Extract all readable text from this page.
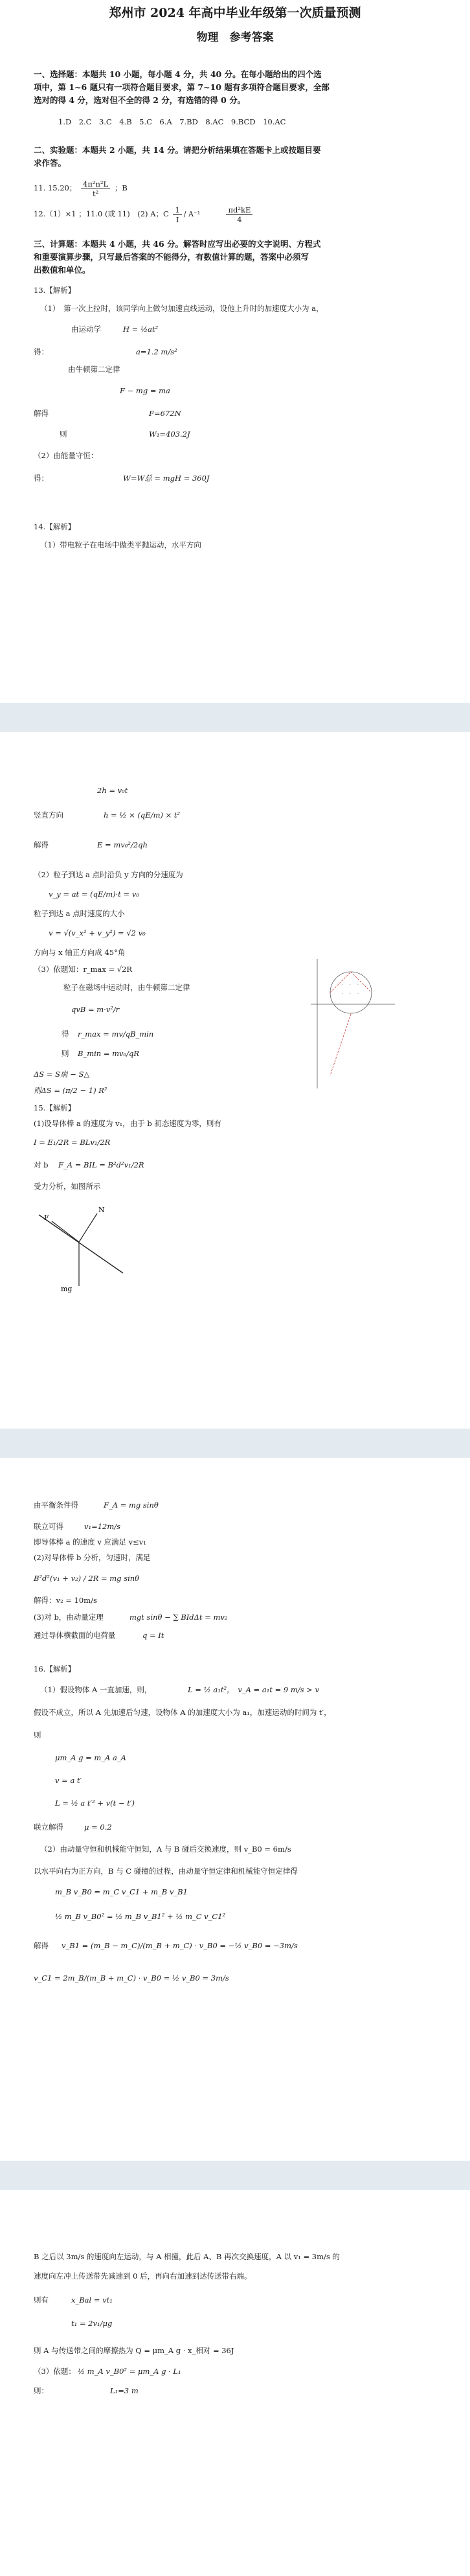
郑州市 2024 年高中毕业年级第一次质量预测
物理　参考答案
一、选择题：本题共 10 小题，每小题 4 分，共 40 分。在每小题给出的四个选
项中，第 1~6 题只有一项符合题目要求，第 7~10 题有多项符合题目要求，全部
选对的得 4 分，选对但不全的得 2 分，有选错的得 0 分。
1.D　2.C　3.C　4.B　5.C　6.A　7.BD　8.AC　9.BCD　10.AC
二、实验题：本题共 2 小题，共 14 分。请把分析结果填在答题卡上或按题目要
求作答。
11. 15.20； $\frac{\text{4π²n²L}}{\text{t²}}$ ；B
12.（1）×1 ；11.0 (或 11)　(2) A；C $\frac{1}{I} / A^{-1}$	$\frac{\text{πd²kE}}{4}$
三、计算题：本题共 4 小题，共 46 分。解答时应写出必要的文字说明、方程式
和重要演算步骤，只写最后答案的不能得分，有数值计算的题，答案中必须写
出数值和单位。
13.【解析】
（1）　第一次上拉时，该同学向上做匀加速直线运动，设他上升时的加速度大小为 a，
由运动学	H = ½at²
得：	a=1.2 m/s²
由牛顿第二定律
F − mg = ma
解得	F=672N
则	W₁=403.2J
（2）由能量守恒：
得：	W=W总 = mgH = 360J
14.【解析】
（1）带电粒子在电场中做类平抛运动，水平方向
2h = v₀t
竖直方向	h = ½ × (qE/m) × t²
解得	E = mv₀²/2qh
（2）粒子到达 a 点时沿负 y 方向的分速度为
v_y = at = (qE/m)·t = v₀
粒子到达 a 点时速度的大小
v = √(v_x² + v_y²) = √2 v₀
方向与 x 轴正方向成 45°角
（3）依题知：r_max = √2R
粒子在磁场中运动时，由牛顿第二定律
qvB = m·v²/r
得 r_max = mv/qB_min
则 B_min = mv₀/qR
ΔS = S扇 − S△
则ΔS = (π/2 − 1) R²
· · ·
· · ·
15.【解析】
(1)设导体棒 a 的速度为 v₁，由于 b 初态速度为零，则有
I = E₁/2R = BLv₁/2R
对 b F_A = BIL = B²d²v₁/2R
受力分析，如图所示
F
N
mg
由平衡条件得	F_A = mg sinθ
联立可得	v₁=12m/s
即导体棒 a 的速度 v 应满足 v≤v₁
(2)对导体棒 b 分析，匀速时，满足
B²d²(v₁ + v₂) / 2R = mg sinθ
解得：v₂ = 10m/s
(3)对 b，由动量定理	mgt sinθ − ∑ BIdΔt = mv₂
通过导体横截面的电荷量	q = It
16.【解析】
（1）假设物体 A 一直加速，则，	L = ½ a₁t²，　v_A = a₁t = 9 m/s > v
假设不成立，所以 A 先加速后匀速，设物体 A 的加速度大小为 a₁，加速运动的时间为 t′，
则
μm_A g = m_A a_A
v = a t′
L = ½ a t′² + v(t − t′)
联立解得	μ = 0.2
（2）由动量守恒和机械能守恒知，A 与 B 碰后交换速度，则 v_B0 = 6m/s
以水平向右为正方向，B 与 C 碰撞的过程，由动量守恒定律和机械能守恒定律得
m_B v_B0 = m_C v_C1 + m_B v_B1
½ m_B v_B0² = ½ m_B v_B1² + ½ m_C v_C1²
解得 v_B1 = (m_B − m_C)/(m_B + m_C) · v_B0 = −½ v_B0 = −3m/s
v_C1 = 2m_B/(m_B + m_C) · v_B0 = ½ v_B0 = 3m/s
B 之后以 3m/s 的速度向左运动，与 A 相撞，此后 A、B 再次交换速度，A 以 v₁ = 3m/s 的
速度向左冲上传送带先减速到 0 后，再向右加速到达传送带右端。
则有	x_Bal = vt₁
t₁ = 2v₁/μg
则 A 与传送带之间的摩擦热为 Q = μm_A g · x_相对 = 36J
（3）依题： ½ m_A v_B0² = μm_A g · L₁
则：	L₁=3 m
